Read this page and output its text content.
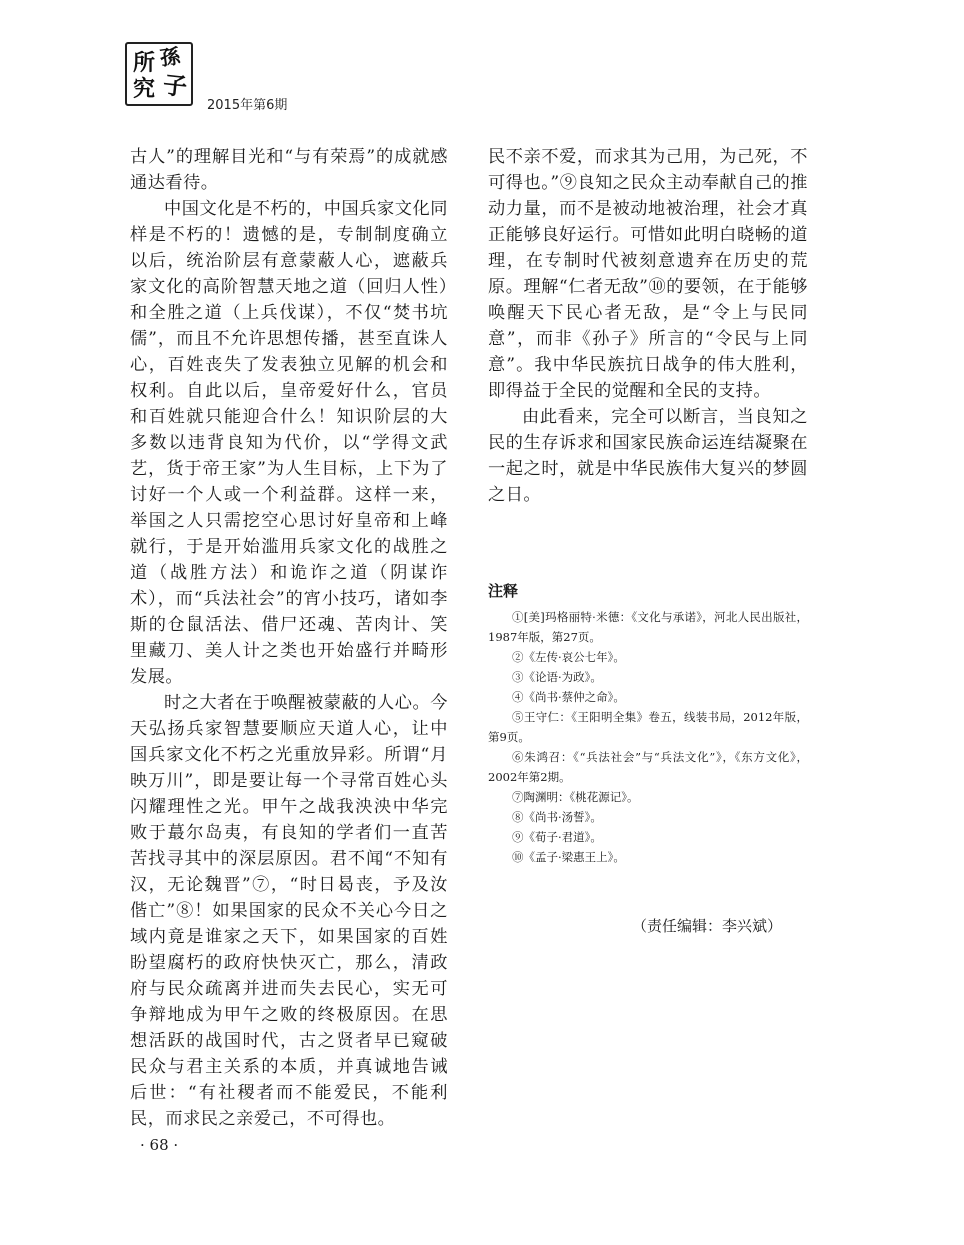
所 孫
究 子
2015年第6期

古人”的理解目光和“与有荣焉”的成就感通达看待。

中国文化是不朽的，中国兵家文化同样是不朽的！遗憾的是，专制制度确立以后，统治阶层有意蒙蔽人心，遮蔽兵家文化的高阶智慧天地之道（回归人性）和全胜之道（上兵伐谋），不仅“焚书坑儒”，而且不允许思想传播，甚至直诛人心，百姓丧失了发表独立见解的机会和权利。自此以后，皇帝爱好什么，官员和百姓就只能迎合什么！知识阶层的大多数以违背良知为代价，以“学得文武艺，货于帝王家”为人生目标，上下为了讨好一个人或一个利益群。这样一来，举国之人只需挖空心思讨好皇帝和上峰就行，于是开始滥用兵家文化的战胜之道（战胜方法）和诡诈之道（阴谋诈术），而“兵法社会”的宵小技巧，诸如李斯的仓鼠活法、借尸还魂、苦肉计、笑里藏刀、美人计之类也开始盛行并畸形发展。

时之大者在于唤醒被蒙蔽的人心。今天弘扬兵家智慧要顺应天道人心，让中国兵家文化不朽之光重放异彩。所谓“月映万川”，即是要让每一个寻常百姓心头闪耀理性之光。甲午之战我泱泱中华完败于蕞尔岛夷，有良知的学者们一直苦苦找寻其中的深层原因。君不闻“不知有汉，无论魏晋”⑦，“时日曷丧，予及汝偕亡”⑧！如果国家的民众不关心今日之域内竟是谁家之天下，如果国家的百姓盼望腐朽的政府快快灭亡，那么，清政府与民众疏离并进而失去民心，实无可争辩地成为甲午之败的终极原因。在思想活跃的战国时代，古之贤者早已窥破民众与君主关系的本质，并真诚地告诫后世：“有社稷者而不能爱民，不能利民，而求民之亲爱己，不可得也。

民不亲不爱，而求其为己用，为己死，不可得也。”⑨良知之民众主动奉献自己的推动力量，而不是被动地被治理，社会才真正能够良好运行。可惜如此明白晓畅的道理，在专制时代被刻意遗弃在历史的荒原。理解“仁者无敌”⑩的要领，在于能够唤醒天下民心者无敌，是“令上与民同意”，而非《孙子》所言的“令民与上同意”。我中华民族抗日战争的伟大胜利，即得益于全民的觉醒和全民的支持。

由此看来，完全可以断言，当良知之民的生存诉求和国家民族命运连结凝聚在一起之时，就是中华民族伟大复兴的梦圆之日。

注释

①[美]玛格丽特·米德：《文化与承诺》，河北人民出版社，1987年版，第27页。

②《左传·哀公七年》。

③《论语·为政》。

④《尚书·蔡仲之命》。

⑤王守仁：《王阳明全集》卷五，线装书局，2012年版，第9页。

⑥朱鸿召：《“兵法社会”与“兵法文化”》，《东方文化》，2002年第2期。

⑦陶渊明：《桃花源记》。

⑧《尚书·汤誓》。

⑨《荀子·君道》。

⑩《孟子·梁惠王上》。

（责任编辑：李兴斌）
· 68 ·
